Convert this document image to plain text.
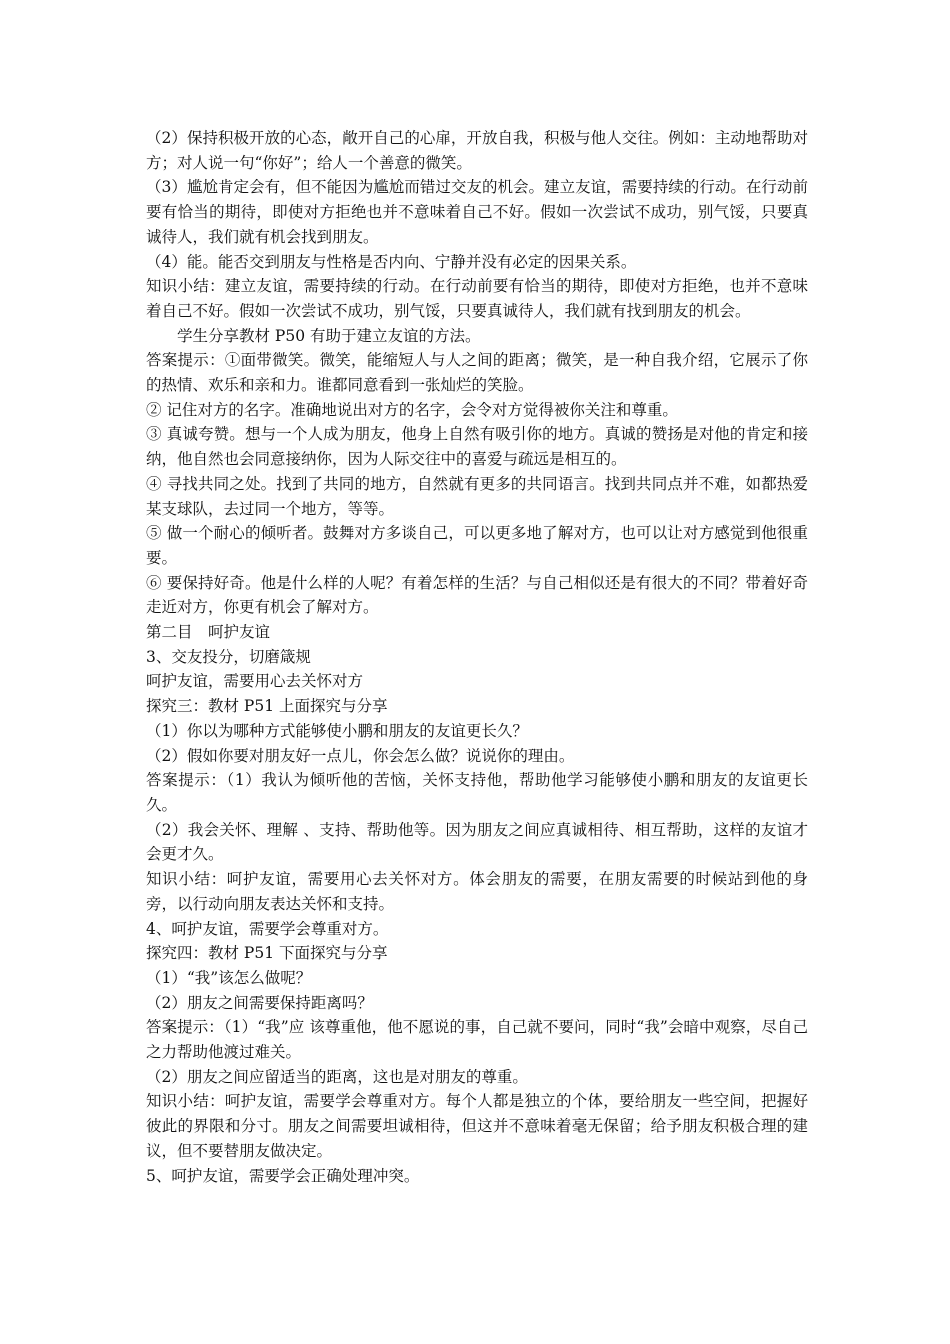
（2）保持积极开放的心态，敞开自己的心扉，开放自我，积极与他人交往。例如：主动地帮助对方；对人说一句“你好”；给人一个善意的微笑。

（3）尴尬肯定会有，但不能因为尴尬而错过交友的机会。建立友谊，需要持续的行动。在行动前要有恰当的期待，即使对方拒绝也并不意味着自己不好。假如一次尝试不成功，别气馁，只要真诚待人，我们就有机会找到朋友。

（4）能。能否交到朋友与性格是否内向、宁静并没有必定的因果关系。

知识小结：建立友谊，需要持续的行动。在行动前要有恰当的期待，即使对方拒绝，也并不意味着自己不好。假如一次尝试不成功，别气馁，只要真诚待人，我们就有找到朋友的机会。

学生分享教材 P50 有助于建立友谊的方法。

答案提示：①面带微笑。微笑，能缩短人与人之间的距离；微笑，是一种自我介绍，它展示了你的热情、欢乐和亲和力。谁都同意看到一张灿烂的笑脸。

② 记住对方的名字。准确地说出对方的名字，会令对方觉得被你关注和尊重。

③ 真诚夸赞。想与一个人成为朋友，他身上自然有吸引你的地方。真诚的赞扬是对他的肯定和接纳，他自然也会同意接纳你，因为人际交往中的喜爱与疏远是相互的。

④ 寻找共同之处。找到了共同的地方，自然就有更多的共同语言。找到共同点并不难，如都热爱某支球队，去过同一个地方，等等。

⑤ 做一个耐心的倾听者。鼓舞对方多谈自己，可以更多地了解对方，也可以让对方感觉到他很重要。

⑥ 要保持好奇。他是什么样的人呢？有着怎样的生活？与自己相似还是有很大的不同？带着好奇走近对方，你更有机会了解对方。

第二目　呵护友谊

3、交友投分，切磨箴规

呵护友谊，需要用心去关怀对方

探究三：教材 P51 上面探究与分享

（1）你以为哪种方式能够使小鹏和朋友的友谊更长久？

（2）假如你要对朋友好一点儿，你会怎么做？说说你的理由。

答案提示：（1）我认为倾听他的苦恼，关怀支持他，帮助他学习能够使小鹏和朋友的友谊更长久。

（2）我会关怀、理解 、支持、帮助他等。因为朋友之间应真诚相待、相互帮助，这样的友谊才会更才久。

知识小结：呵护友谊，需要用心去关怀对方。体会朋友的需要，在朋友需要的时候站到他的身旁，以行动向朋友表达关怀和支持。

4、呵护友谊，需要学会尊重对方。

探究四：教材 P51 下面探究与分享

（1）“我”该怎么做呢？

（2）朋友之间需要保持距离吗？

答案提示：（1）“我”应 该尊重他，他不愿说的事，自己就不要问，同时“我”会暗中观察，尽自己之力帮助他渡过难关。

（2）朋友之间应留适当的距离，这也是对朋友的尊重。

知识小结：呵护友谊，需要学会尊重对方。每个人都是独立的个体，要给朋友一些空间，把握好彼此的界限和分寸。朋友之间需要坦诚相待，但这并不意味着毫无保留；给予朋友积极合理的建议，但不要替朋友做决定。

5、呵护友谊，需要学会正确处理冲突。
